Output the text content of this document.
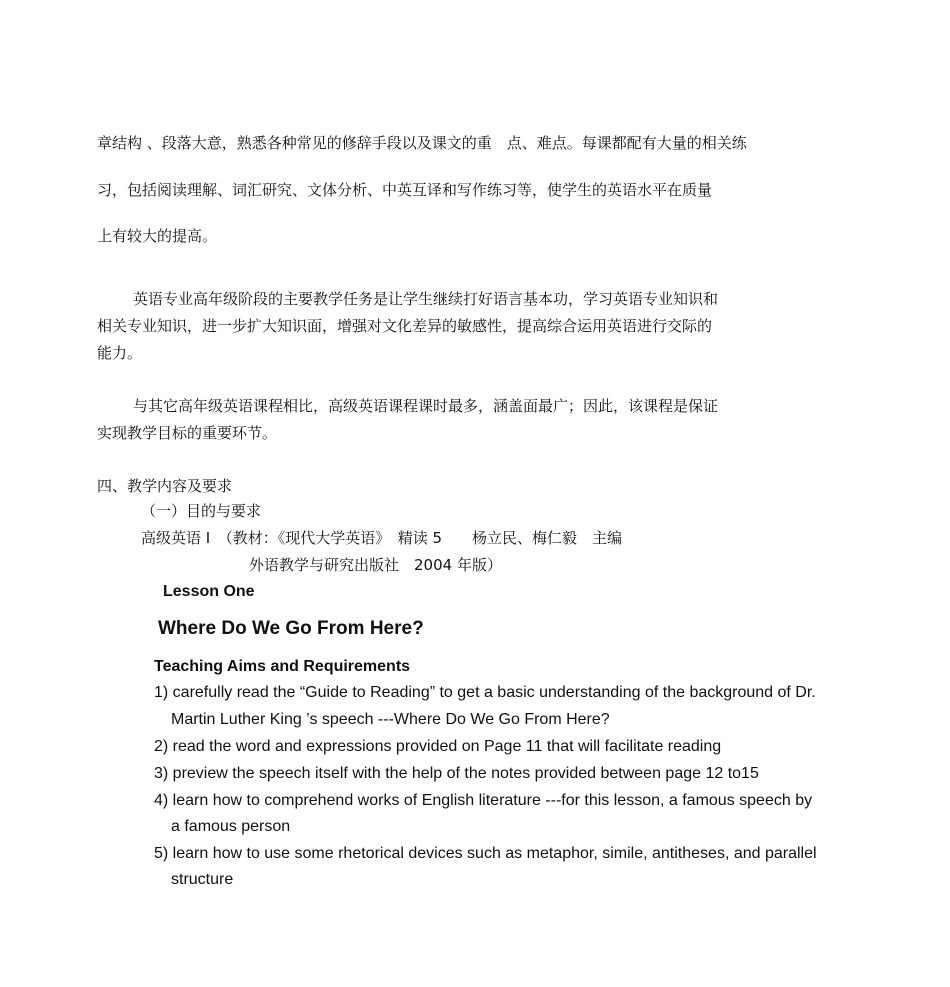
章结构 、段落大意，熟悉各种常见的修辞手段以及课文的重　点、难点。每课都配有大量的相关练
习，包括阅读理解、词汇研究、文体分析、中英互译和写作练习等，使学生的英语水平在质量
上有较大的提高。
英语专业高年级阶段的主要教学任务是让学生继续打好语言基本功，学习英语专业知识和
相关专业知识，进一步扩大知识面，增强对文化差异的敏感性，提高综合运用英语进行交际的
能力。
与其它高年级英语课程相比，高级英语课程课时最多，涵盖面最广；因此，该课程是保证
实现教学目标的重要环节。
四、教学内容及要求
（一）目的与要求
高级英语 Ⅰ　（教材：《现代大学英语》　精读 5　　杨立民、梅仁毅　主编
外语教学与研究出版社　2004 年版）
Lesson One
Where Do We Go From Here?
Teaching Aims and Requirements
1) carefully read the “Guide to Reading” to get a basic understanding of the background of Dr.
Martin Luther King ’s speech ---Where Do We Go From Here?
2) read the word and expressions provided on Page 11 that will facilitate reading
3) preview the speech itself with the help of the notes provided between page 12 to15
4) learn how to comprehend works of English literature ---for this lesson, a famous speech by
a famous person
5) learn how to use some rhetorical devices such as metaphor, simile, antitheses, and parallel
structure
